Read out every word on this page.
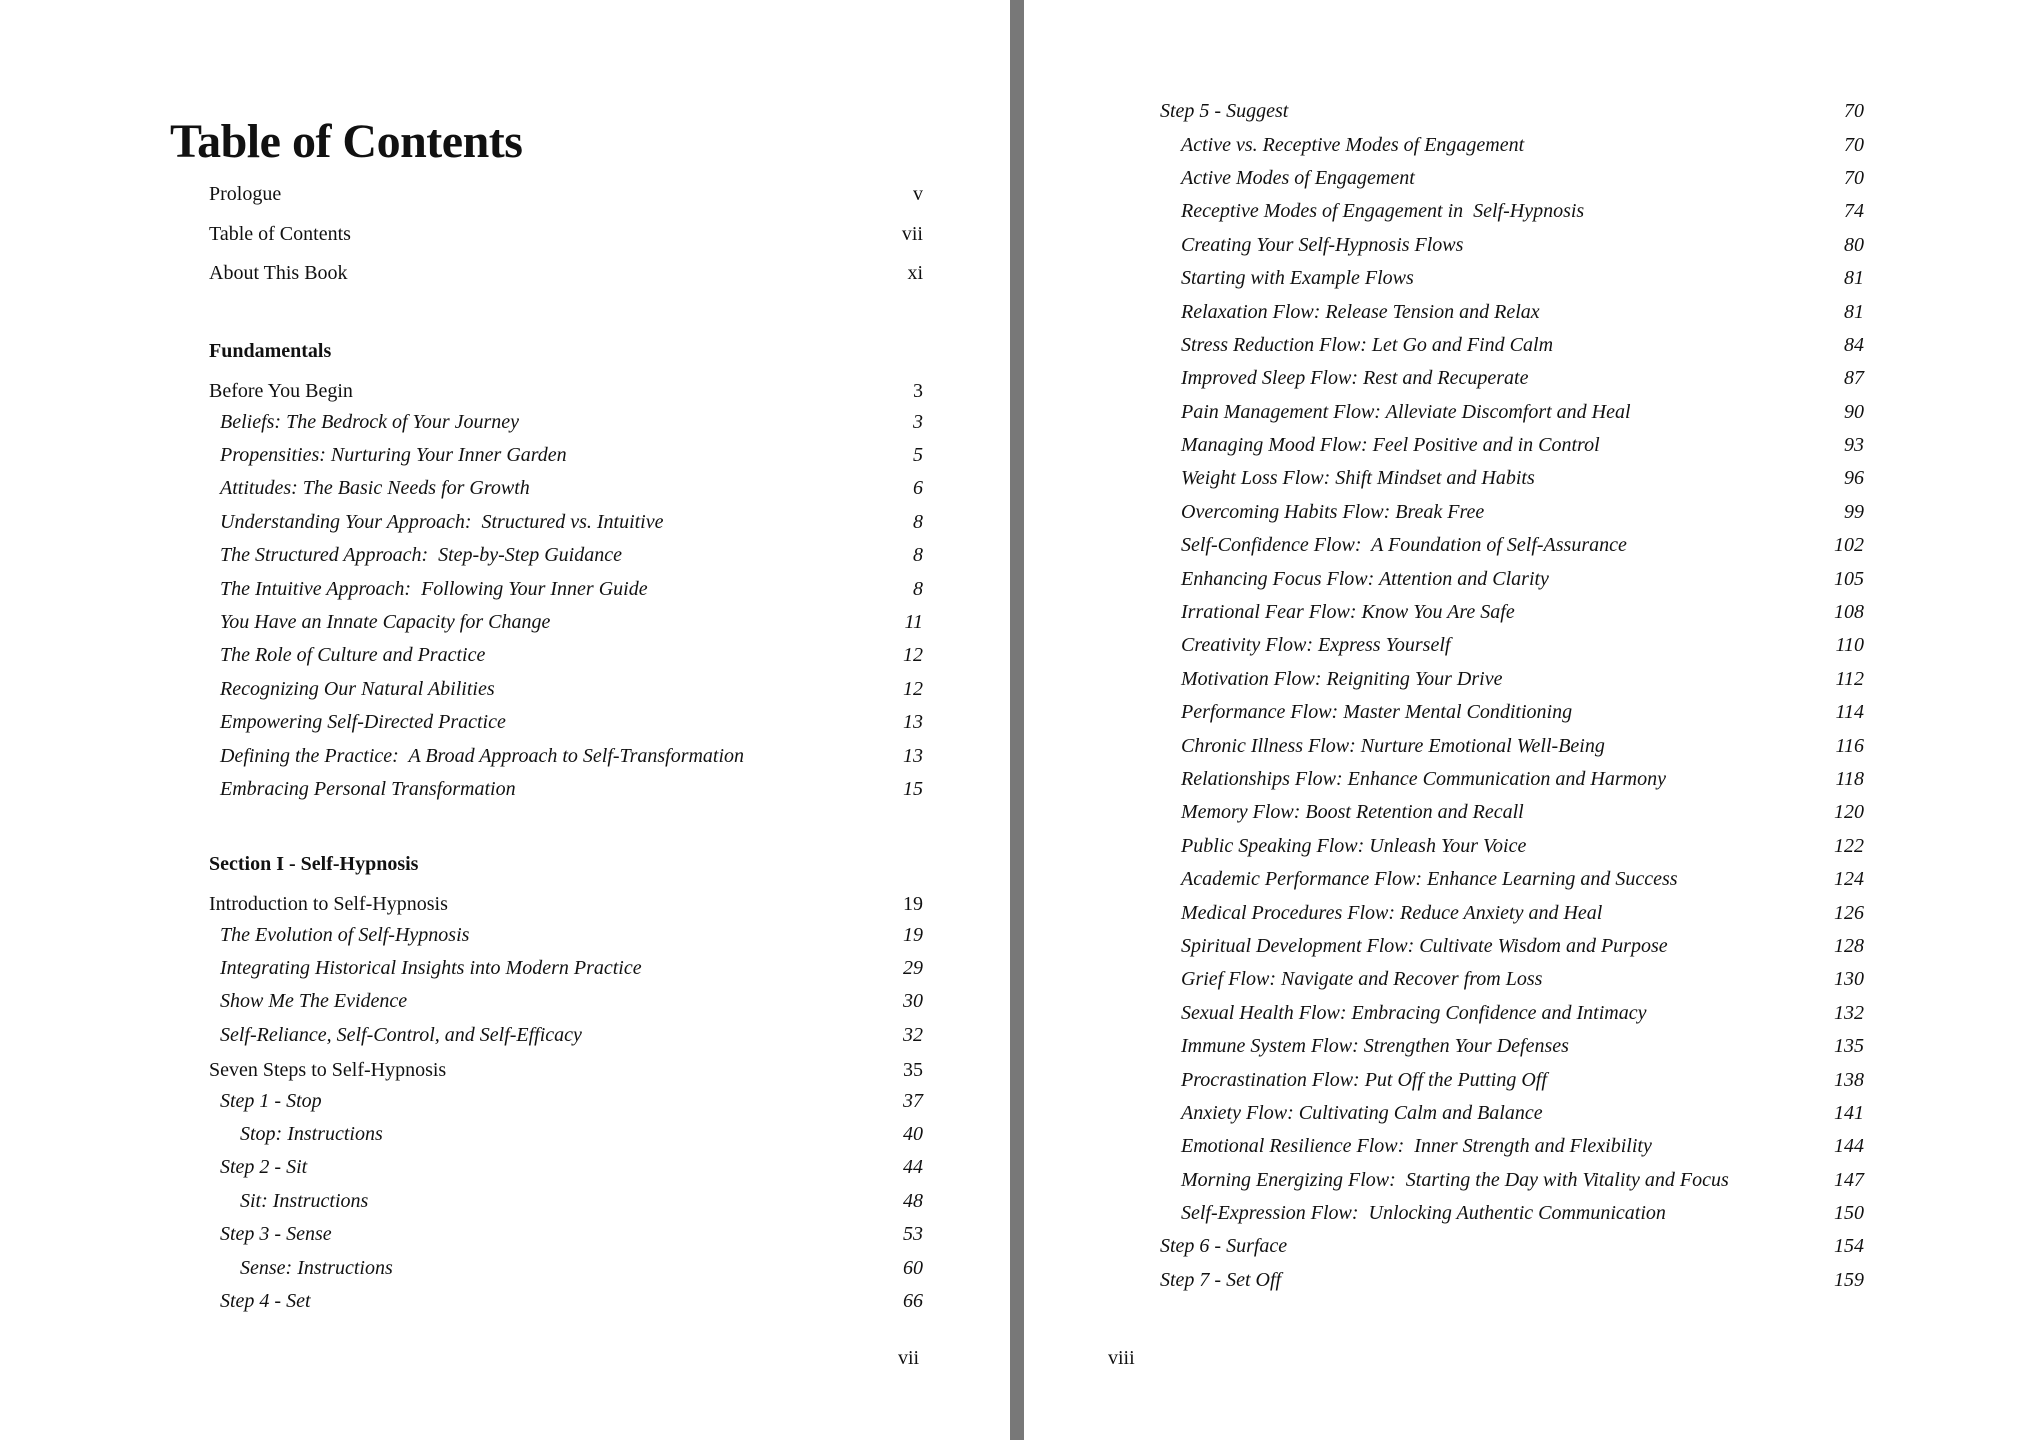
Table of Contents
Prologue	v
Table of Contents	vii
About This Book	xi
Fundamentals
Before You Begin	3
Beliefs: The Bedrock of Your Journey	3
Propensities: Nurturing Your Inner Garden	5
Attitudes: The Basic Needs for Growth	6
Understanding Your Approach:  Structured vs. Intuitive	8
The Structured Approach:  Step-by-Step Guidance	8
The Intuitive Approach:  Following Your Inner Guide	8
You Have an Innate Capacity for Change	11
The Role of Culture and Practice	12
Recognizing Our Natural Abilities	12
Empowering Self-Directed Practice	13
Defining the Practice:  A Broad Approach to Self-Transformation	13
Embracing Personal Transformation	15
Section I - Self-Hypnosis
Introduction to Self-Hypnosis	19
The Evolution of Self-Hypnosis	19
Integrating Historical Insights into Modern Practice	29
Show Me The Evidence	30
Self-Reliance, Self-Control, and Self-Efficacy	32
Seven Steps to Self-Hypnosis	35
Step 1 - Stop	37
Stop: Instructions	40
Step 2 - Sit	44
Sit: Instructions	48
Step 3 - Sense	53
Sense: Instructions	60
Step 4 - Set	66
Step 5 - Suggest	70
Active vs. Receptive Modes of Engagement	70
Active Modes of Engagement	70
Receptive Modes of Engagement in  Self-Hypnosis	74
Creating Your Self-Hypnosis Flows	80
Starting with Example Flows	81
Relaxation Flow: Release Tension and Relax	81
Stress Reduction Flow: Let Go and Find Calm	84
Improved Sleep Flow: Rest and Recuperate	87
Pain Management Flow: Alleviate Discomfort and Heal	90
Managing Mood Flow: Feel Positive and in Control	93
Weight Loss Flow: Shift Mindset and Habits	96
Overcoming Habits Flow: Break Free	99
Self-Confidence Flow:  A Foundation of Self-Assurance	102
Enhancing Focus Flow: Attention and Clarity	105
Irrational Fear Flow: Know You Are Safe	108
Creativity Flow: Express Yourself	110
Motivation Flow: Reigniting Your Drive	112
Performance Flow: Master Mental Conditioning	114
Chronic Illness Flow: Nurture Emotional Well-Being	116
Relationships Flow: Enhance Communication and Harmony	118
Memory Flow: Boost Retention and Recall	120
Public Speaking Flow: Unleash Your Voice	122
Academic Performance Flow: Enhance Learning and Success	124
Medical Procedures Flow: Reduce Anxiety and Heal	126
Spiritual Development Flow: Cultivate Wisdom and Purpose	128
Grief Flow: Navigate and Recover from Loss	130
Sexual Health Flow: Embracing Confidence and Intimacy	132
Immune System Flow: Strengthen Your Defenses	135
Procrastination Flow: Put Off the Putting Off	138
Anxiety Flow: Cultivating Calm and Balance	141
Emotional Resilience Flow:  Inner Strength and Flexibility	144
Morning Energizing Flow:  Starting the Day with Vitality and Focus	147
Self-Expression Flow:  Unlocking Authentic Communication	150
Step 6 - Surface	154
Step 7 - Set Off	159
vii	viii
